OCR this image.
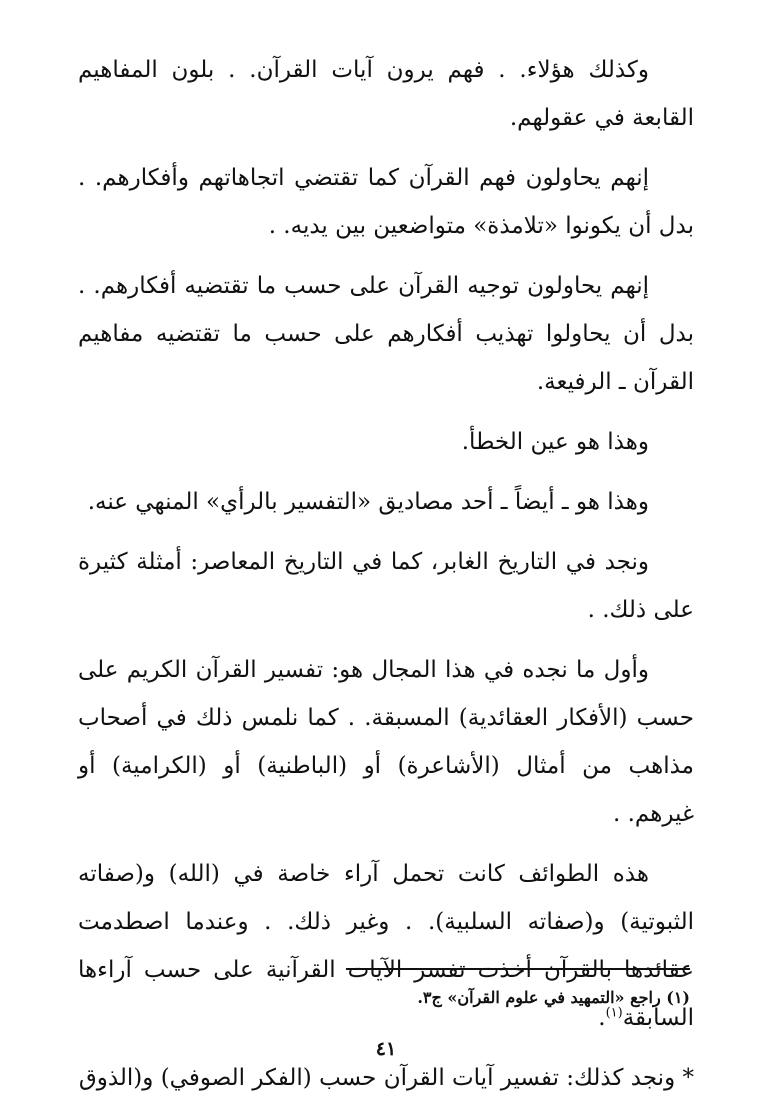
وكذلك هؤلاء. . فهم يرون آيات القرآن. . بلون المفاهيم القابعة في عقولهم.

إنهم يحاولون فهم القرآن كما تقتضي اتجاهاتهم وأفكارهم. . بدل أن يكونوا «تلامذة» متواضعين بين يديه. .

إنهم يحاولون توجيه القرآن على حسب ما تقتضيه أفكارهم. . بدل أن يحاولوا تهذيب أفكارهم على حسب ما تقتضيه مفاهيم القرآن ـ الرفيعة.

وهذا هو عين الخطأ.

وهذا هو ـ أيضاً ـ أحد مصاديق «التفسير بالرأي» المنهي عنه.

ونجد في التاريخ الغابر، كما في التاريخ المعاصر: أمثلة كثيرة على ذلك. .

وأول ما نجده في هذا المجال هو: تفسير القرآن الكريم على حسب (الأفكار العقائدية) المسبقة. . كما نلمس ذلك في أصحاب مذاهب من أمثال (الأشاعرة) أو (الباطنية) أو (الكرامية) أو غيرهم. .

هذه الطوائف كانت تحمل آراء خاصة في (الله) و(صفاته الثبوتية) و(صفاته السلبية). . وغير ذلك. . وعندما اصطدمت عقائدها بالقرآن أخذت تفسر الآيات القرآنية على حسب آراءها السابقة$^{(١)}$.

* ونجد كذلك: تفسير آيات القرآن حسب (الفكر الصوفي) و(الذوق

(١) راجع «التمهيد في علوم القرآن» ج٣.

٤١
